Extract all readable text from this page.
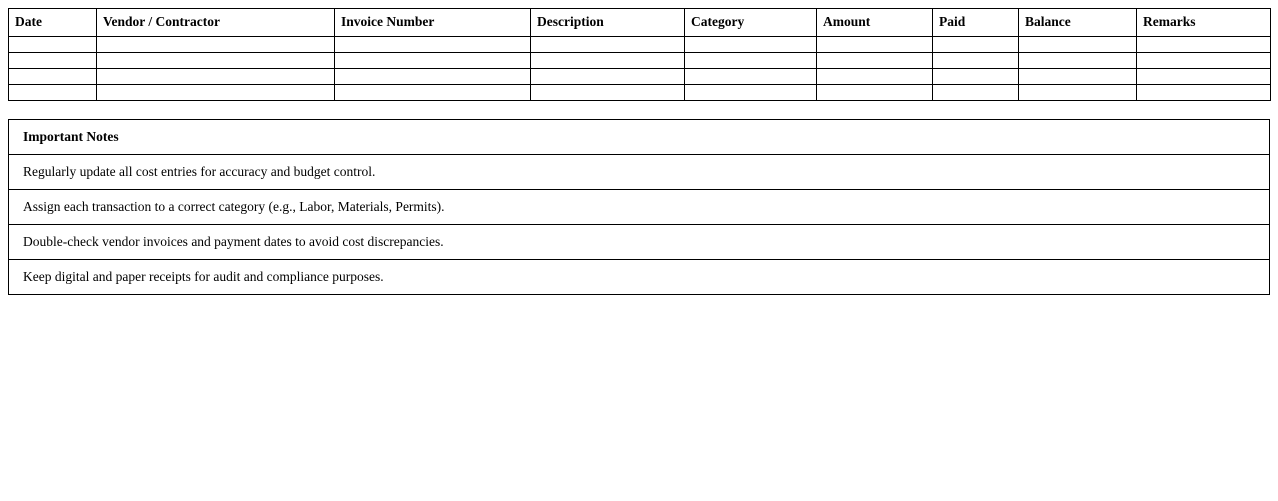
Date	Vendor / Contractor	Invoice Number	Description	Category	Amount	Paid	Balance	Remarks

Important Notes
Regularly update all cost entries for accuracy and budget control.
Assign each transaction to a correct category (e.g., Labor, Materials, Permits).
Double-check vendor invoices and payment dates to avoid cost discrepancies.
Keep digital and paper receipts for audit and compliance purposes.
